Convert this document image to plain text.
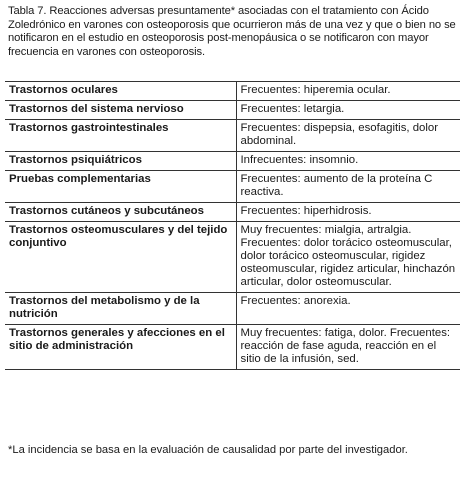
Tabla 7. Reacciones adversas presuntamente* asociadas con el tratamiento con Ácido Zoledrónico en varones con osteoporosis que ocurrieron más de una vez y que o bien no se notificaron en el estudio en osteoporosis post-menopáusica o se notificaron con mayor frecuencia en varones con osteoporosis.
Trastornos oculares	Frecuentes: hiperemia ocular.
Trastornos del sistema nervioso	Frecuentes: letargia.
Trastornos gastrointestinales	Frecuentes: dispepsia, esofagitis, dolor abdominal.
Trastornos psiquiátricos	Infrecuentes: insomnio.
Pruebas complementarias	Frecuentes: aumento de la proteína C reactiva.
Trastornos cutáneos y subcutáneos	Frecuentes: hiperhidrosis.
Trastornos osteomusculares y del tejido conjuntivo	Muy frecuentes: mialgia, artralgia. Frecuentes: dolor torácico osteomuscular, dolor torácico osteomuscular, rigidez osteomuscular, rigidez articular, hinchazón articular, dolor osteomuscular.
Trastornos del metabolismo y de la nutrición	Frecuentes: anorexia.
Trastornos generales y afecciones en el sitio de administración	Muy frecuentes: fatiga, dolor. Frecuentes: reacción de fase aguda, reacción en el sitio de la infusión, sed.
*La incidencia se basa en la evaluación de causalidad por parte del investigador.
